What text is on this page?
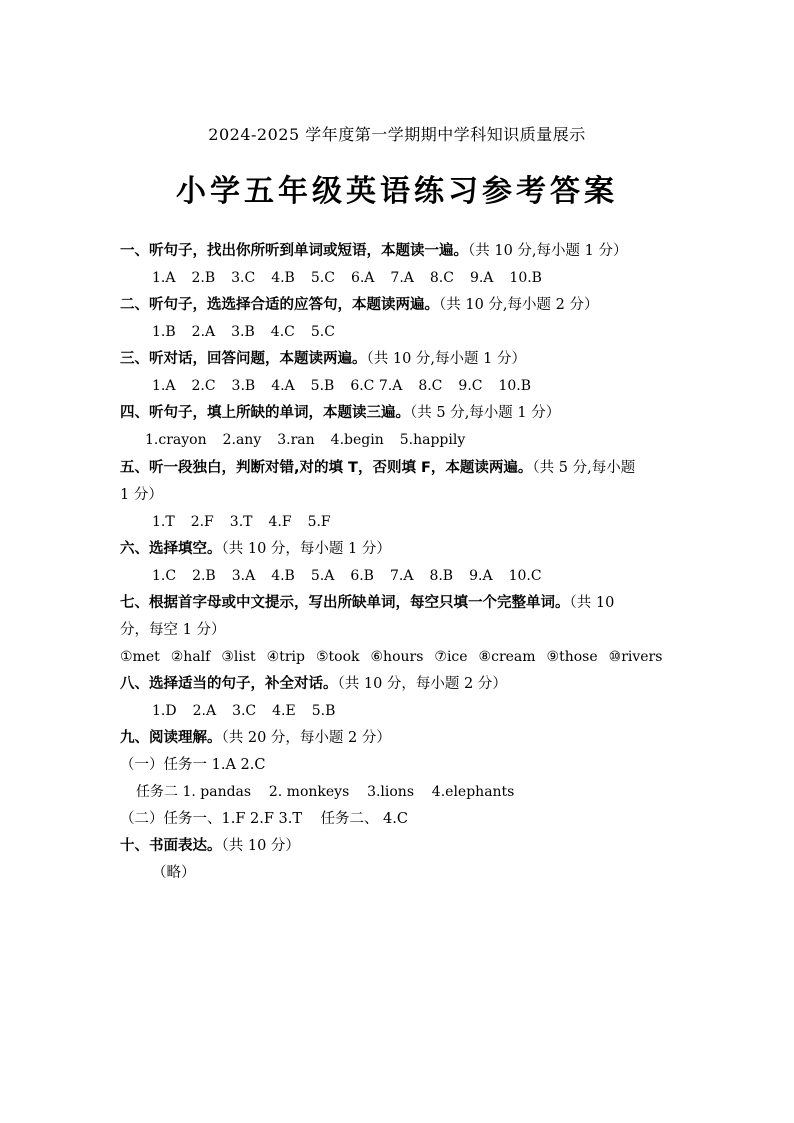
2024-2025 学年度第一学期期中学科知识质量展示
小学五年级英语练习参考答案
一、听句子，找出你所听到单词或短语，本题读一遍。（共 10 分,每小题 1 分）
1.A 2.B 3.C 4.B 5.C 6.A 7.A 8.C 9.A 10.B
二、听句子，选选择合适的应答句，本题读两遍。（共 10 分,每小题 2 分）
1.B 2.A 3.B 4.C 5.C
三、听对话，回答问题，本题读两遍。（共 10 分,每小题 1 分）
1.A 2.C 3.B 4.A 5.B 6.C 7.A 8.C 9.C 10.B
四、听句子，填上所缺的单词，本题读三遍。（共 5 分,每小题 1 分）
1.crayon 2.any 3.ran 4.begin 5.happily
五、听一段独白，判断对错,对的填 T，否则填 F，本题读两遍。（共 5 分,每小题
1 分）
1.T 2.F 3.T 4.F 5.F
六、选择填空。（共 10 分，每小题 1 分）
1.C 2.B 3.A 4.B 5.A 6.B 7.A 8.B 9.A 10.C
七、根据首字母或中文提示，写出所缺单词，每空只填一个完整单词。（共 10
分，每空 1 分）
①met ②half ③list ④trip ⑤took ⑥hours ⑦ice ⑧cream ⑨those ⑩rivers
八、选择适当的句子，补全对话。（共 10 分，每小题 2 分）
1.D 2.A 3.C 4.E 5.B
九、阅读理解。（共 20 分，每小题 2 分）
（一）任务一 1.A 2.C
任务二 1. pandas    2. monkeys    3.lions    4.elephants
（二）任务一、1.F 2.F 3.T    任务二、 4.C
十、书面表达。（共 10 分）
（略）
